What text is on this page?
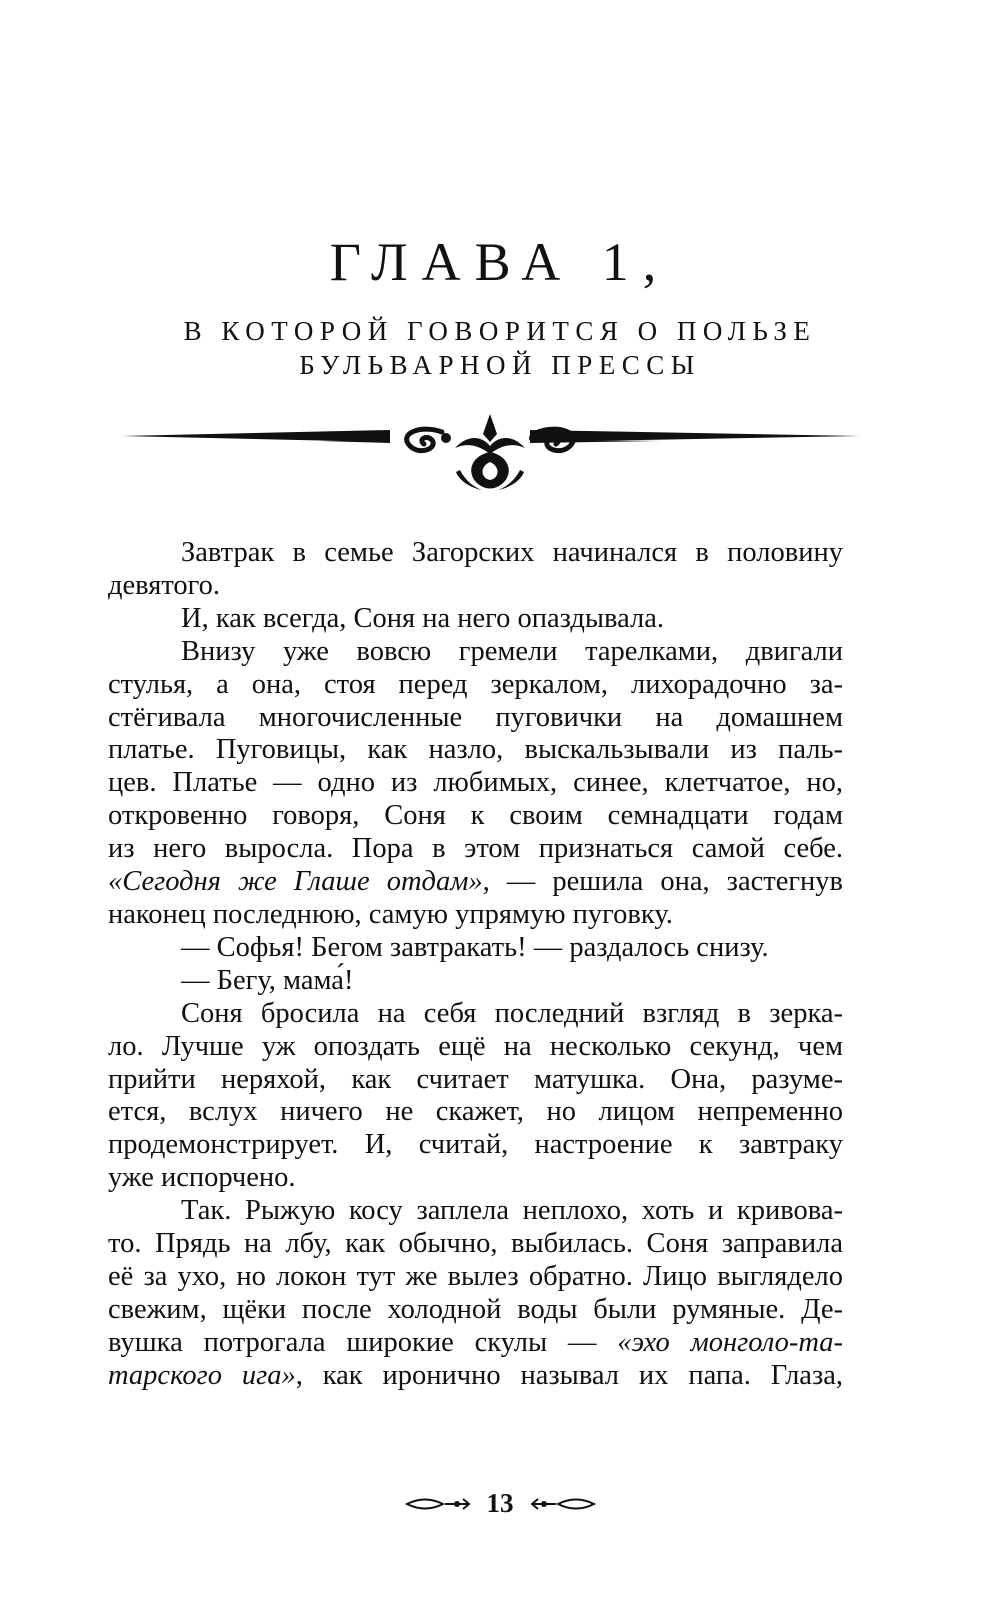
ГЛАВА 1,
В КОТОРОЙ ГОВОРИТСЯ О ПОЛЬЗЕ
БУЛЬВАРНОЙ ПРЕССЫ
Завтрак в семье Загорских начинался в половину
девятого.
И, как всегда, Соня на него опаздывала.
Внизу уже вовсю гремели тарелками, двигали
стулья, а она, стоя перед зеркалом, лихорадочно за-
стёгивала многочисленные пуговички на домашнем
платье. Пуговицы, как назло, выскальзывали из паль-
цев. Платье — одно из любимых, синее, клетчатое, но,
откровенно говоря, Соня к своим семнадцати годам
из него выросла. Пора в этом признаться самой себе.
«Сегодня же Глаше отдам», — решила она, застегнув
наконец последнюю, самую упрямую пуговку.
— Софья! Бегом завтракать! — раздалось снизу.
— Бегу, мама́!
Соня бросила на себя последний взгляд в зерка-
ло. Лучше уж опоздать ещё на несколько секунд, чем
прийти неряхой, как считает матушка. Она, разуме-
ется, вслух ничего не скажет, но лицом непременно
продемонстрирует. И, считай, настроение к завтраку
уже испорчено.
Так. Рыжую косу заплела неплохо, хоть и кривова-
то. Прядь на лбу, как обычно, выбилась. Соня заправила
её за ухо, но локон тут же вылез обратно. Лицо выглядело
свежим, щёки после холодной воды были румяные. Де-
вушка потрогала широкие скулы — «эхо монголо-та-
тарского ига», как иронично называл их папа. Глаза,
13
